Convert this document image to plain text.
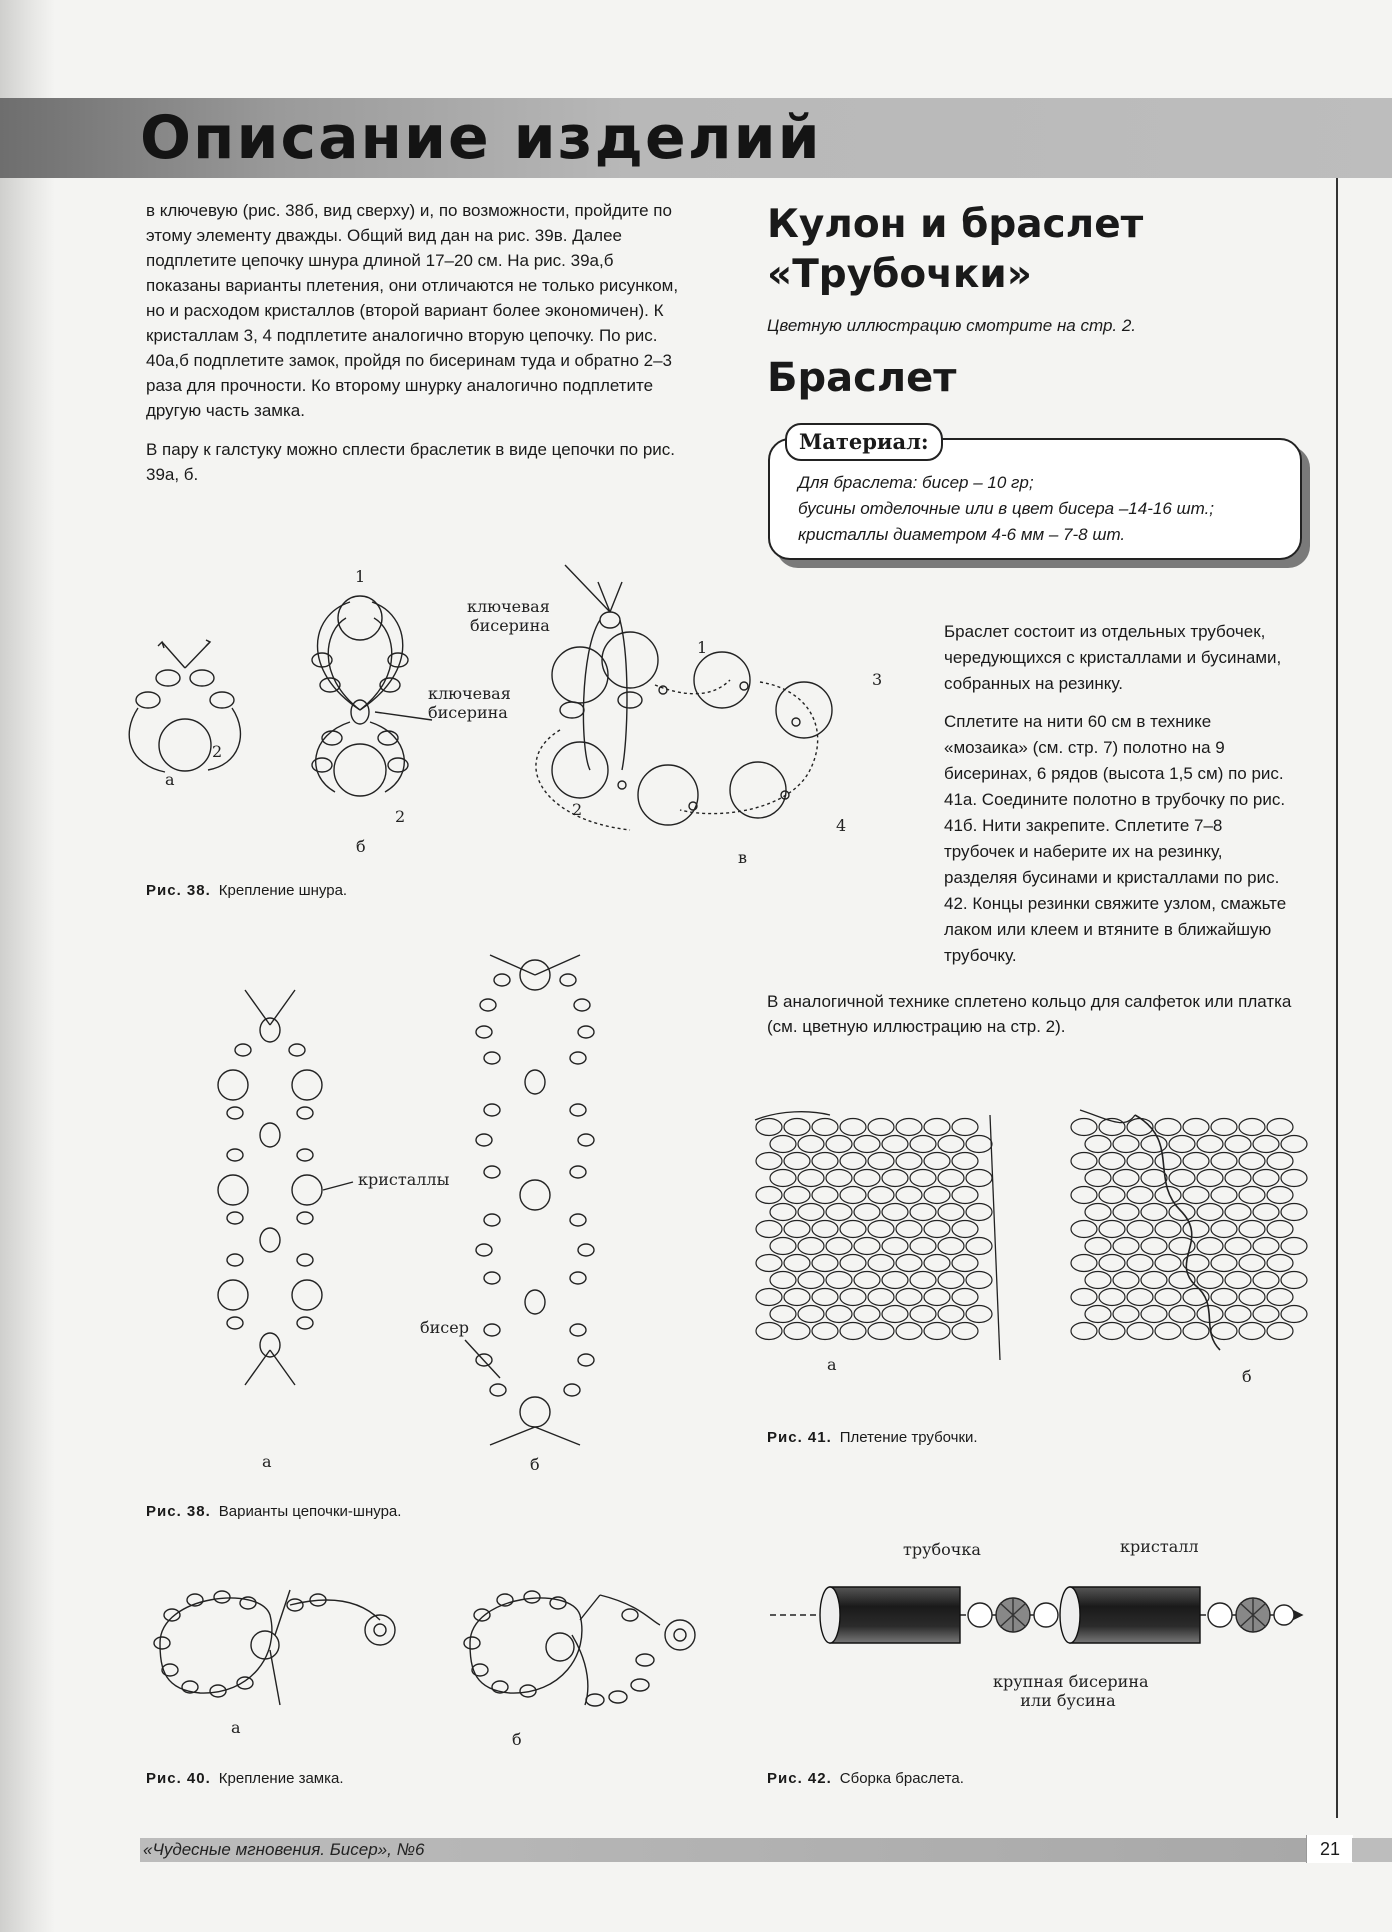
Описание изделий

в ключевую (рис. 38б, вид сверху) и, по возможности, пройдите по этому элементу дважды. Общий вид дан на рис. 39в. Далее подплетите цепочку шнура длиной 17–20 см. На рис. 39а,б показаны варианты плетения, они отличаются не только рисунком, но и расходом кристаллов (второй вариант более экономичен). К кристаллам 3, 4 подплетите аналогично вторую цепочку. По рис. 40а,б подплетите замок, пройдя по бисеринам туда и обратно 2–3 раза для прочности. Ко второму шнурку аналогично подплетите другую часть замка.

В пару к галстуку можно сплести браслетик в виде цепочки по рис. 39а, б.

Кулон и браслет
«Трубочки»
Цветную иллюстрацию смотрите на стр. 2.
Браслет
Материал:
Для браслета: бисер – 10 гр;
бусины отделочные или в цвет бисера –14-16 шт.;
кристаллы диаметром 4-6 мм – 7-8 шт.

Браслет состоит из отдельных трубочек, чередующихся с кристаллами и бусинами, собранных на резинку.

Сплетите на нити 60 см в технике «мозаика» (см. стр. 7) полотно на 9 бисеринах, 6 рядов (высота 1,5 см) по рис. 41а. Соедините полотно в трубочку по рис. 41б. Нити закрепите. Сплетите 7–8 трубочек и наберите их на резинку, разделяя бусинами и кристаллами по рис. 42. Концы резинки свяжите узлом, смажьте лаком или клеем и втяните в ближайшую трубочку.

В аналогичной технике сплетено кольцо для салфеток или платка (см. цветную иллюстрацию на стр. 2).

ключевая
бисерина
ключевая
бисерина
а
2
1
2
б
1
3
2
4
в
Рис. 38. Крепление шнура.
кристаллы
бисер
а	б
Рис. 38. Варианты цепочки-шнура.
а
б
Рис. 40. Крепление замка.
а
б
Рис. 41. Плетение трубочки.
трубочка	кристалл
крупная бисерина
или бусина
Рис. 42. Сборка браслета.
«Чудесные мгновения. Бисер», №6	21
